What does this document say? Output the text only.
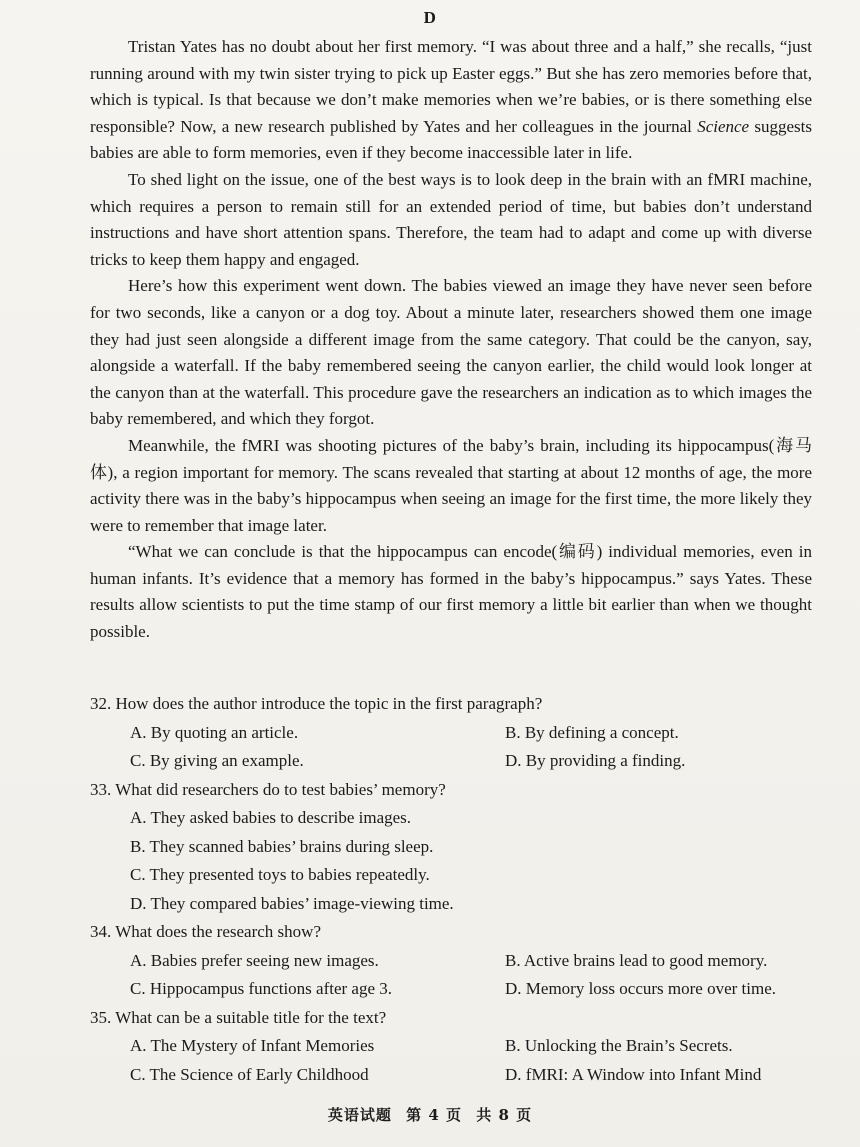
D

Tristan Yates has no doubt about her first memory. “I was about three and a half,” she recalls, “just running around with my twin sister trying to pick up Easter eggs.” But she has zero memories before that, which is typical. Is that because we don’t make memories when we’re babies, or is there something else responsible? Now, a new research published by Yates and her colleagues in the journal Science suggests babies are able to form memories, even if they become inaccessible later in life.

To shed light on the issue, one of the best ways is to look deep in the brain with an fMRI machine, which requires a person to remain still for an extended period of time, but babies don’t understand instructions and have short attention spans. Therefore, the team had to adapt and come up with diverse tricks to keep them happy and engaged.

Here’s how this experiment went down. The babies viewed an image they have never seen before for two seconds, like a canyon or a dog toy. About a minute later, researchers showed them one image they had just seen alongside a different image from the same category. That could be the canyon, say, alongside a waterfall. If the baby remembered seeing the canyon earlier, the child would look longer at the canyon than at the waterfall. This procedure gave the researchers an indication as to which images the baby remembered, and which they forgot.

Meanwhile, the fMRI was shooting pictures of the baby’s brain, including its hippocampus(海马体), a region important for memory. The scans revealed that starting at about 12 months of age, the more activity there was in the baby’s hippocampus when seeing an image for the first time, the more likely they were to remember that image later.

“What we can conclude is that the hippocampus can encode(编码) individual memories, even in human infants. It’s evidence that a memory has formed in the baby’s hippocampus.” says Yates. These results allow scientists to put the time stamp of our first memory a little bit earlier than when we thought possible.

32. How does the author introduce the topic in the first paragraph?
A. By quoting an article.	B. By defining a concept.
C. By giving an example.	D. By providing a finding.
33. What did researchers do to test babies’ memory?
A. They asked babies to describe images.
B. They scanned babies’ brains during sleep.
C. They presented toys to babies repeatedly.
D. They compared babies’ image-viewing time.
34. What does the research show?
A. Babies prefer seeing new images.	B. Active brains lead to good memory.
C. Hippocampus functions after age 3.	D. Memory loss occurs more over time.
35. What can be a suitable title for the text?
A. The Mystery of Infant Memories	B. Unlocking the Brain’s Secrets.
C. The Science of Early Childhood	D. fMRI: A Window into Infant Mind
英语试题 第 4 页 共 8 页
